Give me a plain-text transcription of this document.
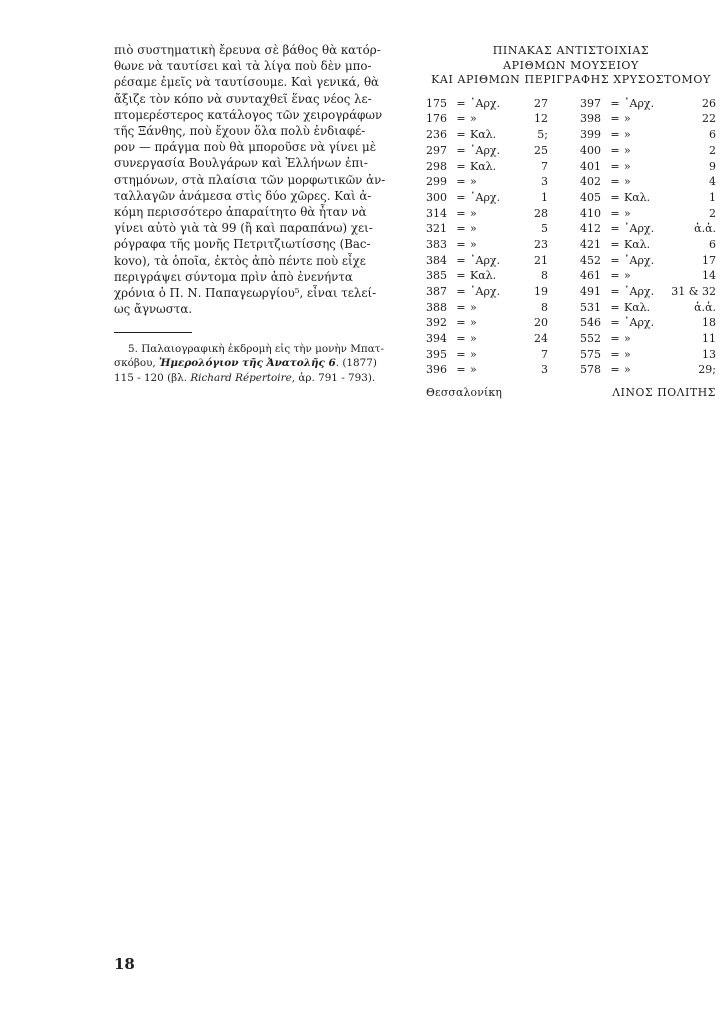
πιὸ συστηματικὴ ἔρευνα σὲ βάθος θὰ κατόρ-
θωνε νὰ ταυτίσει καὶ τὰ λίγα ποὺ δὲν μπο-
ρέσαμε ἐμεῖς νὰ ταυτίσουμε. Καὶ γενικά, θὰ
ἄξιζε τὸν κόπο νὰ συνταχθεῖ ἕνας νέος λε-
πτομερέστερος κατάλογος τῶν χειρογράφων
τῆς Ξάνθης, ποὺ ἔχουν ὅλα πολὺ ἐνδιαφέ-
ρον — πράγμα ποὺ θὰ μποροῦσε νὰ γίνει μὲ
συνεργασία Βουλγάρων καὶ Ἑλλήνων ἐπι-
στημόνων, στὰ πλαίσια τῶν μορφωτικῶν ἀν-
ταλλαγῶν ἀνάμεσα στὶς δύο χῶρες. Καὶ ἀ-
κόμη περισσότερο ἀπαραίτητο θὰ ἦταν νὰ
γίνει αὐτὸ γιὰ τὰ 99 (ἢ καὶ παραπάνω) χει-
ρόγραφα τῆς μονῆς Πετριτζιωτίσσης (Bac-
kovo), τὰ ὁποῖα, ἐκτὸς ἀπὸ πέντε ποὺ εἶχε
περιγράψει σύντομα πρὶν ἀπὸ ἐνενήντα
χρόνια ὁ Π. Ν. Παπαγεωργίου⁵, εἶναι τελεί-
ως ἄγνωστα.
5. Παλαιογραφικὴ ἐκδρομὴ εἰς τὴν μονὴν Μπατ-
σκόβου, Ἡμερολόγιον τῆς Ἀνατολῆς 6. (1877)
115 - 120 (βλ. Richard Répertoire, ἀρ. 791 - 793).
ΠΙΝΑΚΑΣ ΑΝΤΙΣΤΟΙΧΙΑΣ
ΑΡΙΘΜΩΝ ΜΟΥΣΕΙΟΥ
ΚΑΙ ΑΡΙΘΜΩΝ ΠΕΡΙΓΡΑΦΗΣ ΧΡΥΣΟΣΤΟΜΟΥ
175 = ᾿Αρχ.	27
176 = »	12
236 = Καλ.	5;
297 = ᾿Αρχ.	25
298 = Καλ.	7
299 = »	3
300 = ᾿Αρχ.	1
314 = »	28
321 = »	5
383 = »	23
384 = ᾿Αρχ.	21
385 = Καλ.	8
387 = ᾿Αρχ.	19
388 = »	8
392 = »	20
394 = »	24
395 = »	7
396 = »	3
397 = ᾿Αρχ.	26
398 = »	22
399 = »	6
400 = »	2
401 = »	9
402 = »	4
405 = Καλ.	1
410 = »	2
412 = ᾿Αρχ.	ἁ.ἁ.
421 = Καλ.	6
452 = ᾿Αρχ.	17
461 = »	14
491 = ᾿Αρχ.	31 & 32
531 = Καλ.	ἁ.ἁ.
546 = ᾿Αρχ.	18
552 = »	11
575 = »	13
578 = »	29;
Θεσσαλονίκη	ΛΙΝΟΣ ΠΟΛΙΤΗΣ
18
